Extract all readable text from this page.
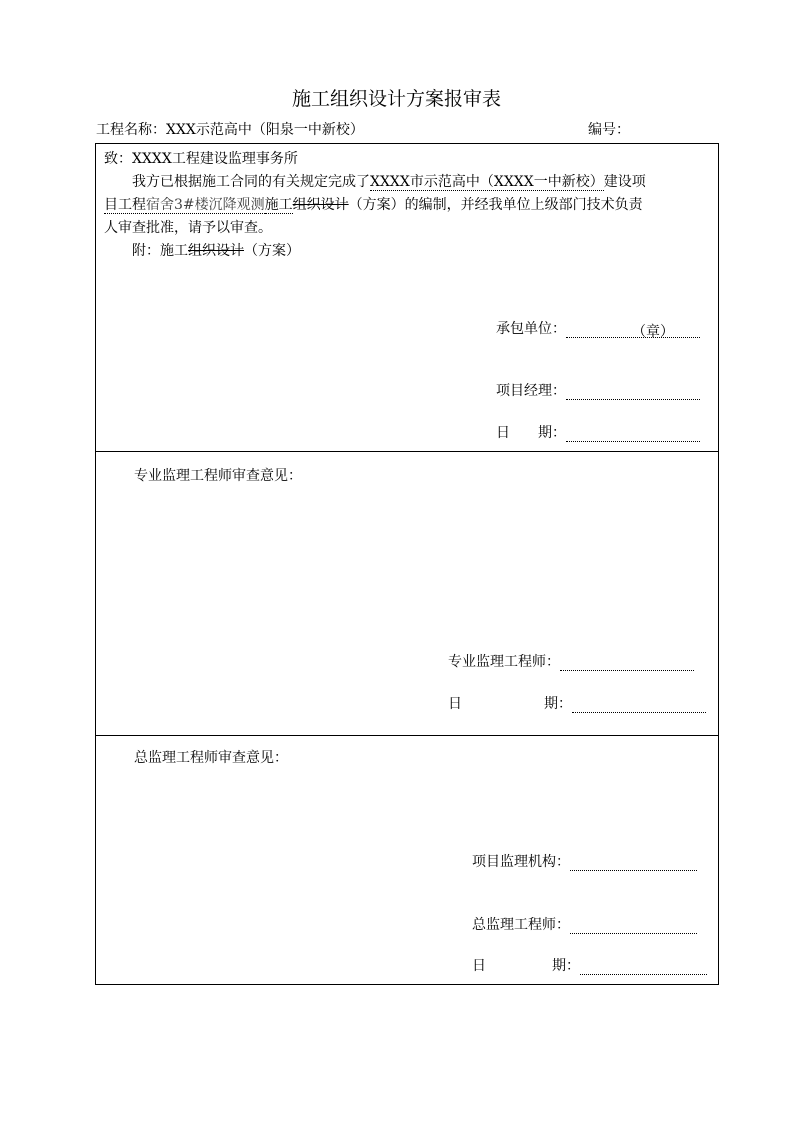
施工组织设计方案报审表
工程名称：XXX示范高中（阳泉一中新校）	编号：
致：XXXX工程建设监理事务所
我方已根据施工合同的有关规定完成了XXXX市示范高中（XXXX一中新校）建设项
目工程宿舍3#楼沉降观测施工组织设计（方案）的编制，并经我单位上级部门技术负责
人审查批准，请予以审查。
附：施工组织设计（方案）
承包单位：	（章）
项目经理：
日　　期：
专业监理工程师审查意见：
专业监理工程师：
日	期：
总监理工程师审查意见：
项目监理机构：
总监理工程师：
日	期：
